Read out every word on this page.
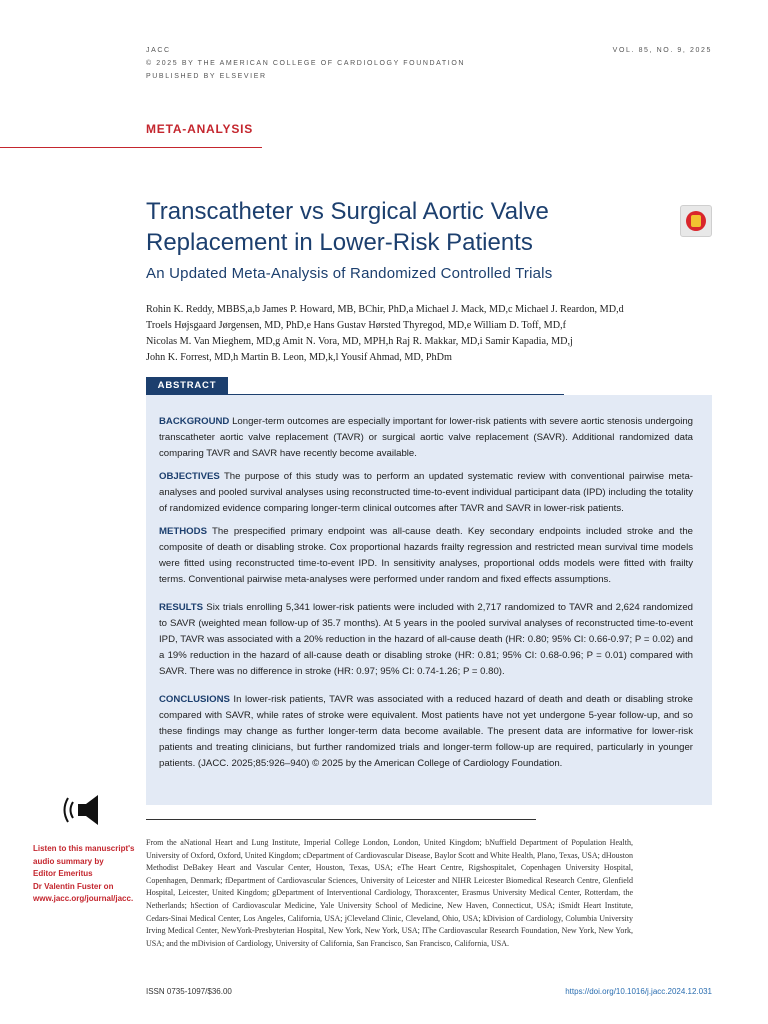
JACC
© 2025 BY THE AMERICAN COLLEGE OF CARDIOLOGY FOUNDATION
PUBLISHED BY ELSEVIER
VOL. 85, NO. 9, 2025
META-ANALYSIS
Transcatheter vs Surgical Aortic Valve
Replacement in Lower-Risk Patients
An Updated Meta-Analysis of Randomized Controlled Trials

Rohin K. Reddy, MBBS,a,b James P. Howard, MB, BChir, PhD,a Michael J. Mack, MD,c Michael J. Reardon, MD,d

Troels Højsgaard Jørgensen, MD, PhD,e Hans Gustav Hørsted Thyregod, MD,e William D. Toff, MD,f

Nicolas M. Van Mieghem, MD,g Amit N. Vora, MD, MPH,h Raj R. Makkar, MD,i Samir Kapadia, MD,j

John K. Forrest, MD,h Martin B. Leon, MD,k,l Yousif Ahmad, MD, PhDm

ABSTRACT

BACKGROUND Longer-term outcomes are especially important for lower-risk patients with severe aortic stenosis undergoing transcatheter aortic valve replacement (TAVR) or surgical aortic valve replacement (SAVR). Additional randomized data comparing TAVR and SAVR have recently become available.

OBJECTIVES The purpose of this study was to perform an updated systematic review with conventional pairwise meta-analyses and pooled survival analyses using reconstructed time-to-event individual participant data (IPD) including the totality of randomized evidence comparing longer-term clinical outcomes after TAVR and SAVR in lower-risk patients.

METHODS The prespecified primary endpoint was all-cause death. Key secondary endpoints included stroke and the composite of death or disabling stroke. Cox proportional hazards frailty regression and restricted mean survival time models were fitted using reconstructed time-to-event IPD. In sensitivity analyses, proportional odds models were fitted with frailty terms. Conventional pairwise meta-analyses were performed under random and fixed effects assumptions.

RESULTS Six trials enrolling 5,341 lower-risk patients were included with 2,717 randomized to TAVR and 2,624 randomized to SAVR (weighted mean follow-up of 35.7 months). At 5 years in the pooled survival analyses of reconstructed time-to-event IPD, TAVR was associated with a 20% reduction in the hazard of all-cause death (HR: 0.80; 95% CI: 0.66-0.97; P = 0.02) and a 19% reduction in the hazard of all-cause death or disabling stroke (HR: 0.81; 95% CI: 0.68-0.96; P = 0.01) compared with SAVR. There was no difference in stroke (HR: 0.97; 95% CI: 0.74-1.26; P = 0.80).

CONCLUSIONS In lower-risk patients, TAVR was associated with a reduced hazard of death and death or disabling stroke compared with SAVR, while rates of stroke were equivalent. Most patients have not yet undergone 5-year follow-up, and so these findings may change as further longer-term data become available. The present data are informative for lower-risk patients and treating clinicians, but further randomized trials and longer-term follow-up are required, particularly in younger patients. (JACC. 2025;85:926–940) © 2025 by the American College of Cardiology Foundation.

Listen to this manuscript's

audio summary by

Editor Emeritus

Dr Valentin Fuster on

www.jacc.org/journal/jacc.

From the aNational Heart and Lung Institute, Imperial College London, London, United Kingdom; bNuffield Department of Population Health, University of Oxford, Oxford, United Kingdom; cDepartment of Cardiovascular Disease, Baylor Scott and White Health, Plano, Texas, USA; dHouston Methodist DeBakey Heart and Vascular Center, Houston, Texas, USA; eThe Heart Centre, Rigshospitalet, Copenhagen University Hospital, Copenhagen, Denmark; fDepartment of Cardiovascular Sciences, University of Leicester and NIHR Leicester Biomedical Research Centre, Glenfield Hospital, Leicester, United Kingdom; gDepartment of Interventional Cardiology, Thoraxcenter, Erasmus University Medical Center, Rotterdam, the Netherlands; hSection of Cardiovascular Medicine, Yale University School of Medicine, New Haven, Connecticut, USA; iSmidt Heart Institute, Cedars-Sinai Medical Center, Los Angeles, California, USA; jCleveland Clinic, Cleveland, Ohio, USA; kDivision of Cardiology, Columbia University Irving Medical Center, NewYork-Presbyterian Hospital, New York, New York, USA; lThe Cardiovascular Research Foundation, New York, New York, USA; and the mDivision of Cardiology, University of California, San Francisco, San Francisco, California, USA.
ISSN 0735-1097/$36.00	https://doi.org/10.1016/j.jacc.2024.12.031
